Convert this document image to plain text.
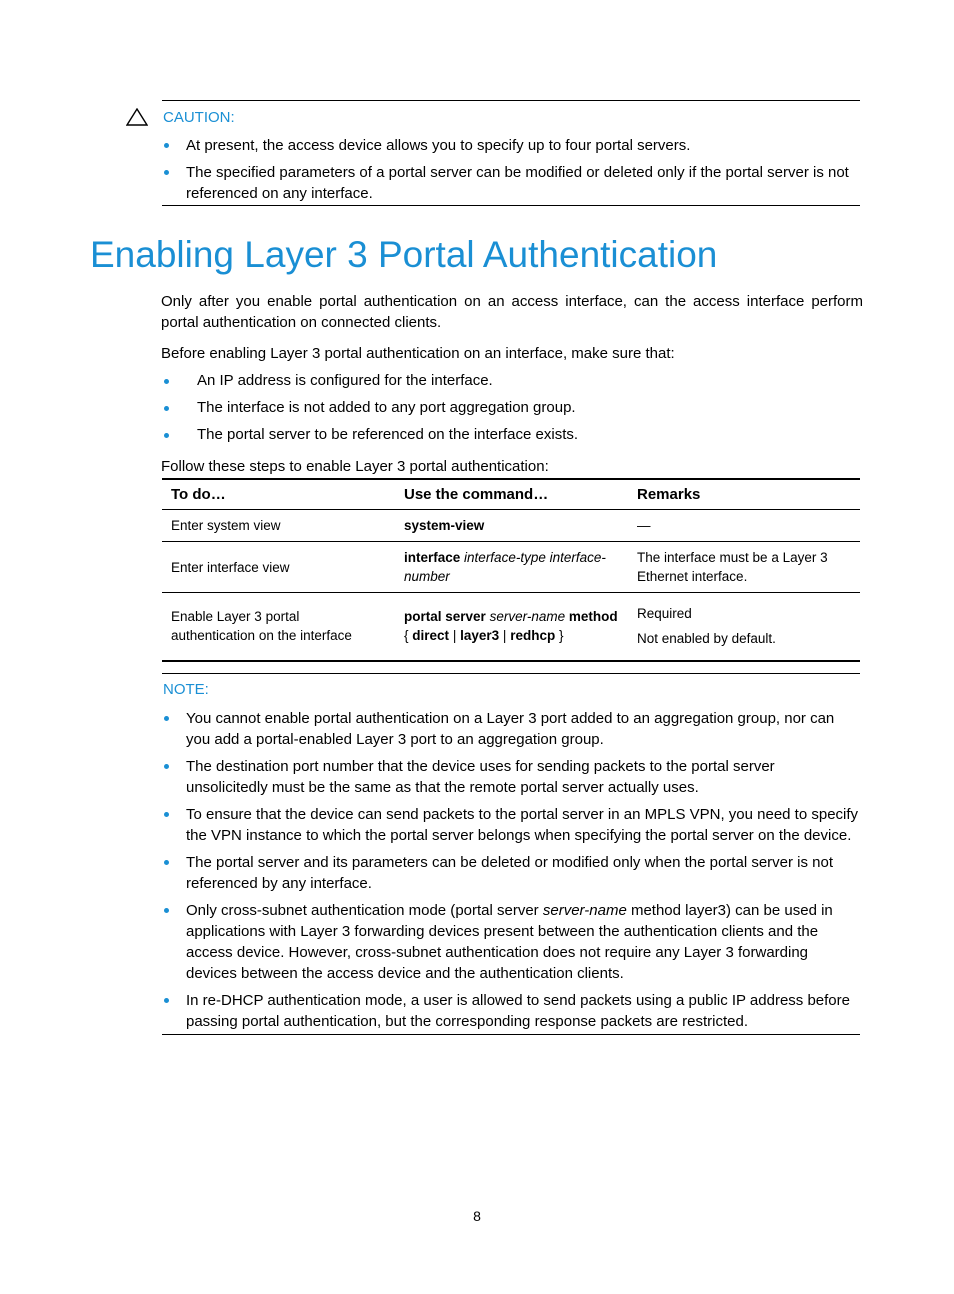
CAUTION:
At present, the access device allows you to specify up to four portal servers.
The specified parameters of a portal server can be modified or deleted only if the portal server is not referenced on any interface.
Enabling Layer 3 Portal Authentication

Only after you enable portal authentication on an access interface, can the access interface perform portal authentication on connected clients.

Before enabling Layer 3 portal authentication on an interface, make sure that:

An IP address is configured for the interface.
The interface is not added to any port aggregation group.
The portal server to be referenced on the interface exists.

Follow these steps to enable Layer 3 portal authentication:

To do…	Use the command…	Remarks
Enter system view	system-view	—
Enter interface view	interface interface-type interface-number	The interface must be a Layer 3 Ethernet interface.
Enable Layer 3 portal authentication on the interface	portal server server-name method { direct | layer3 | redhcp }	Required
Not enabled by default.
NOTE:
You cannot enable portal authentication on a Layer 3 port added to an aggregation group, nor can you add a portal-enabled Layer 3 port to an aggregation group.
The destination port number that the device uses for sending packets to the portal server unsolicitedly must be the same as that the remote portal server actually uses.
To ensure that the device can send packets to the portal server in an MPLS VPN, you need to specify the VPN instance to which the portal server belongs when specifying the portal server on the device.
The portal server and its parameters can be deleted or modified only when the portal server is not referenced by any interface.
Only cross-subnet authentication mode (portal server server-name method layer3) can be used in applications with Layer 3 forwarding devices present between the authentication clients and the access device. However, cross-subnet authentication does not require any Layer 3 forwarding devices between the access device and the authentication clients.
In re-DHCP authentication mode, a user is allowed to send packets using a public IP address before passing portal authentication, but the corresponding response packets are restricted.
8
